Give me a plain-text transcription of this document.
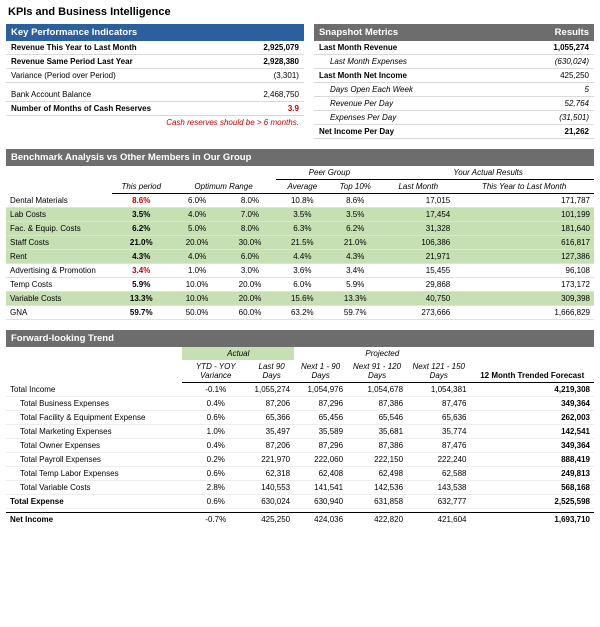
KPIs and Business Intelligence
Key Performance Indicators
Revenue This Year to Last Month	2,925,079
Revenue Same Period Last Year	2,928,380
Variance (Period over Period)	(3,301)

Bank Account Balance	2,468,750
Number of Months of Cash Reserves	3.9
Cash reserves should be > 6 months.	
Snapshot Metrics	Results
Last Month Revenue	1,055,274
Last Month Expenses	(630,024)
Last Month Net Income	425,250
Days Open Each Week	5
Revenue Per Day	52,764
Expenses Per Day	(31,501)
Net Income Per Day	21,262
Benchmark Analysis vs Other Members in Our Group
				Peer Group		Your Actual Results	
	This period	Optimum Range		Average	Top 10%	Last Month	This Year to Last Month
Dental Materials	8.6%	6.0%	8.0%	10.8%	8.6%	17,015	171,787
Lab Costs	3.5%	4.0%	7.0%	3.5%	3.5%	17,454	101,199
Fac. & Equip. Costs	6.2%	5.0%	8.0%	6.3%	6.2%	31,328	181,640
Staff Costs	21.0%	20.0%	30.0%	21.5%	21.0%	106,386	616,817
Rent	4.3%	4.0%	6.0%	4.4%	4.3%	21,971	127,386
Advertising & Promotion	3.4%	1.0%	3.0%	3.6%	3.4%	15,455	96,108
Temp Costs	5.9%	10.0%	20.0%	6.0%	5.9%	29,868	173,172
Variable Costs	13.3%	10.0%	20.0%	15.6%	13.3%	40,750	309,398
GNA	59.7%	50.0%	60.0%	63.2%	59.7%	273,666	1,666,829
Forward-looking Trend
	Actual		Projected			
	YTD - YOY Variance	Last 90 Days	Next 1 - 90 Days	Next 91 - 120 Days	Next 121 - 150 Days	12 Month Trended Forecast
Total Income	-0.1%	1,055,274	1,054,976	1,054,678	1,054,381	4,219,308
Total Business Expenses	0.4%	87,206	87,296	87,386	87,476	349,364
Total Facility & Equipment Expense	0.6%	65,366	65,456	65,546	65,636	262,003
Total Marketing Expenses	1.0%	35,497	35,589	35,681	35,774	142,541
Total Owner Expenses	0.4%	87,206	87,296	87,386	87,476	349,364
Total Payroll Expenses	0.2%	221,970	222,060	222,150	222,240	888,419
Total Temp Labor Expenses	0.6%	62,318	62,408	62,498	62,588	249,813
Total Variable Costs	2.8%	140,553	141,541	142,536	143,538	568,168
Total Expense	0.6%	630,024	630,940	631,858	632,777	2,525,598

Net Income	-0.7%	425,250	424,036	422,820	421,604	1,693,710
